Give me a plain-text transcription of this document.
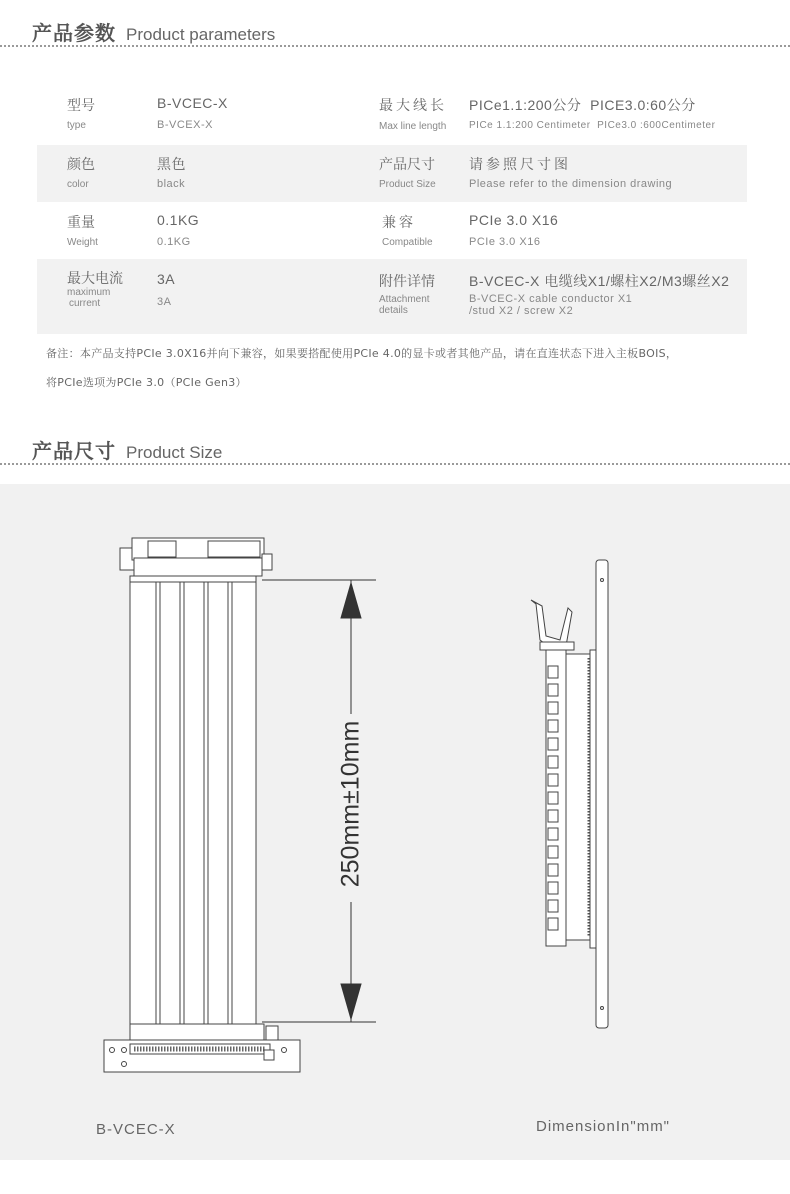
产品参数 Product parameters
型号
type
B-VCEC-X
B-VCEX-X
最大线长
Max line length
PICe1.1:200公分  PICE3.0:60公分
PICe 1.1:200 Centimeter  PICe3.0 :600Centimeter
颜色
color
黑色
black
产品尺寸
Product Size
请参照尺寸图
Please refer to the dimension drawing
重量
Weight
0.1KG
0.1KG
兼容
Compatible
PCIe 3.0 X16
PCIe 3.0 X16
最大电流
maximum
current
3A
3A
附件详情
Attachment
details
B-VCEC-X 电缆线X1/螺柱X2/M3螺丝X2
B-VCEC-X cable conductor X1
/stud X2 / screw X2
备注：本产品支持PCIe 3.0X16并向下兼容，如果要搭配使用PCIe 4.0的显卡或者其他产品，请在直连状态下进入主板BOIS，
将PCIe选项为PCIe 3.0（PCIe Gen3）
产品尺寸 Product Size
250mm±10mm
B-VCEC-X	DimensionIn"mm"
